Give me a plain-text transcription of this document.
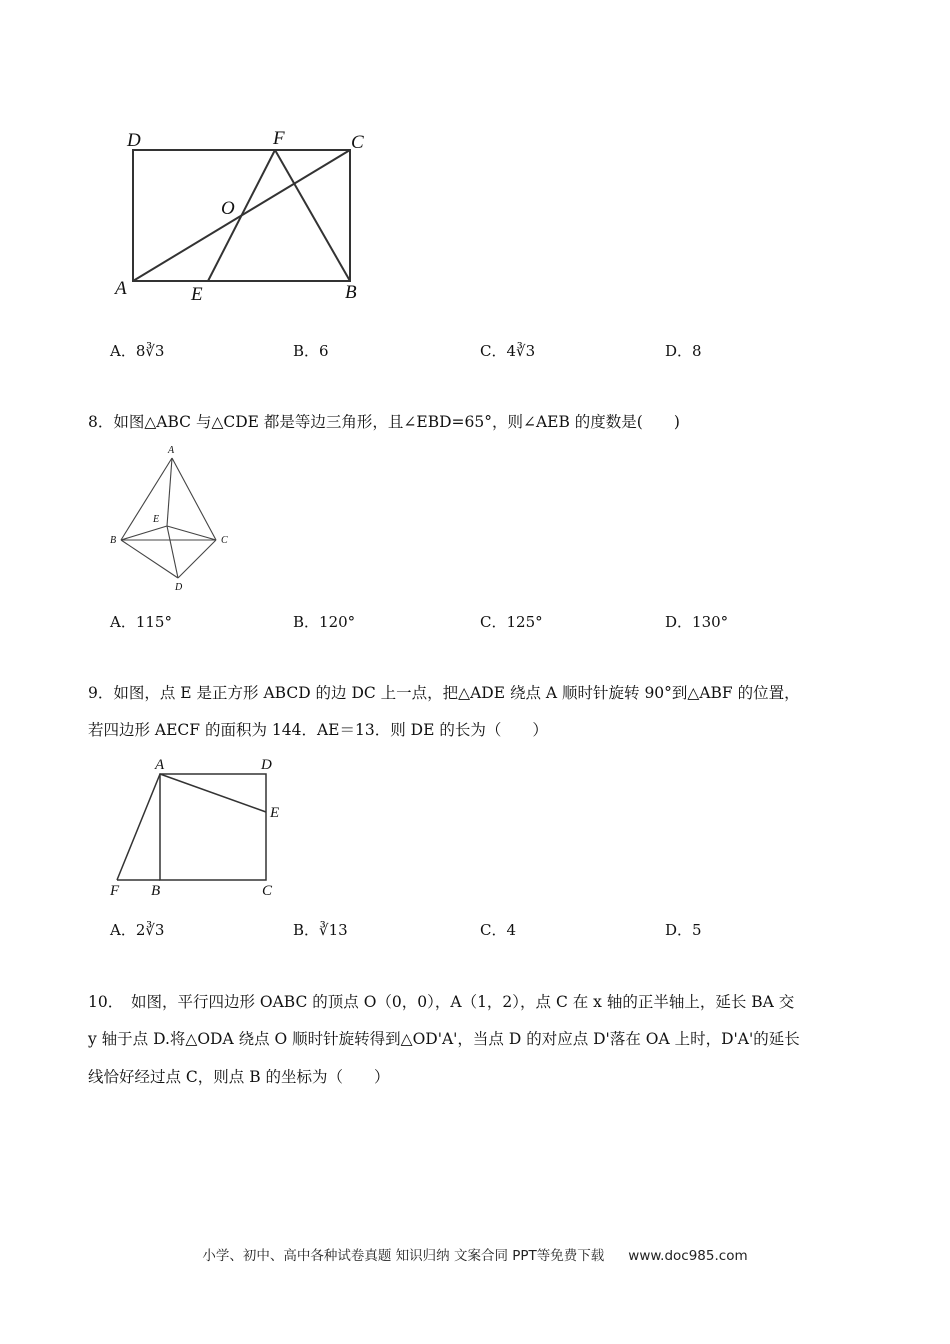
D	F	C
O
A	E	B
A．8∛3	B．6	C．4∛3	D．8
8．如图△ABC 与△CDE 都是等边三角形，且∠EBD=65°，则∠AEB 的度数是(　　)
A
E
B	C
D
A．115°	B．120°	C．125°	D．130°
9．如图，点 E 是正方形 ABCD 的边 DC 上一点，把△ADE 绕点 A 顺时针旋转 90°到△ABF 的位置，
若四边形 AECF 的面积为 144．AE＝13．则 DE 的长为（　　）
A	D
E
F B	C
A．2∛3	B．∛13	C．4	D．5
10．　如图，平行四边形 OABC 的顶点 O（0，0），A（1，2），点 C 在 x 轴的正半轴上，延长 BA 交
y 轴于点 D.将△ODA 绕点 O 顺时针旋转得到△OD'A'，当点 D 的对应点 D'落在 OA 上时，D'A'的延长
线恰好经过点 C，则点 B 的坐标为（　　）
小学、初中、高中各种试卷真题 知识归纳 文案合同 PPT等免费下载 www.doc985.com
